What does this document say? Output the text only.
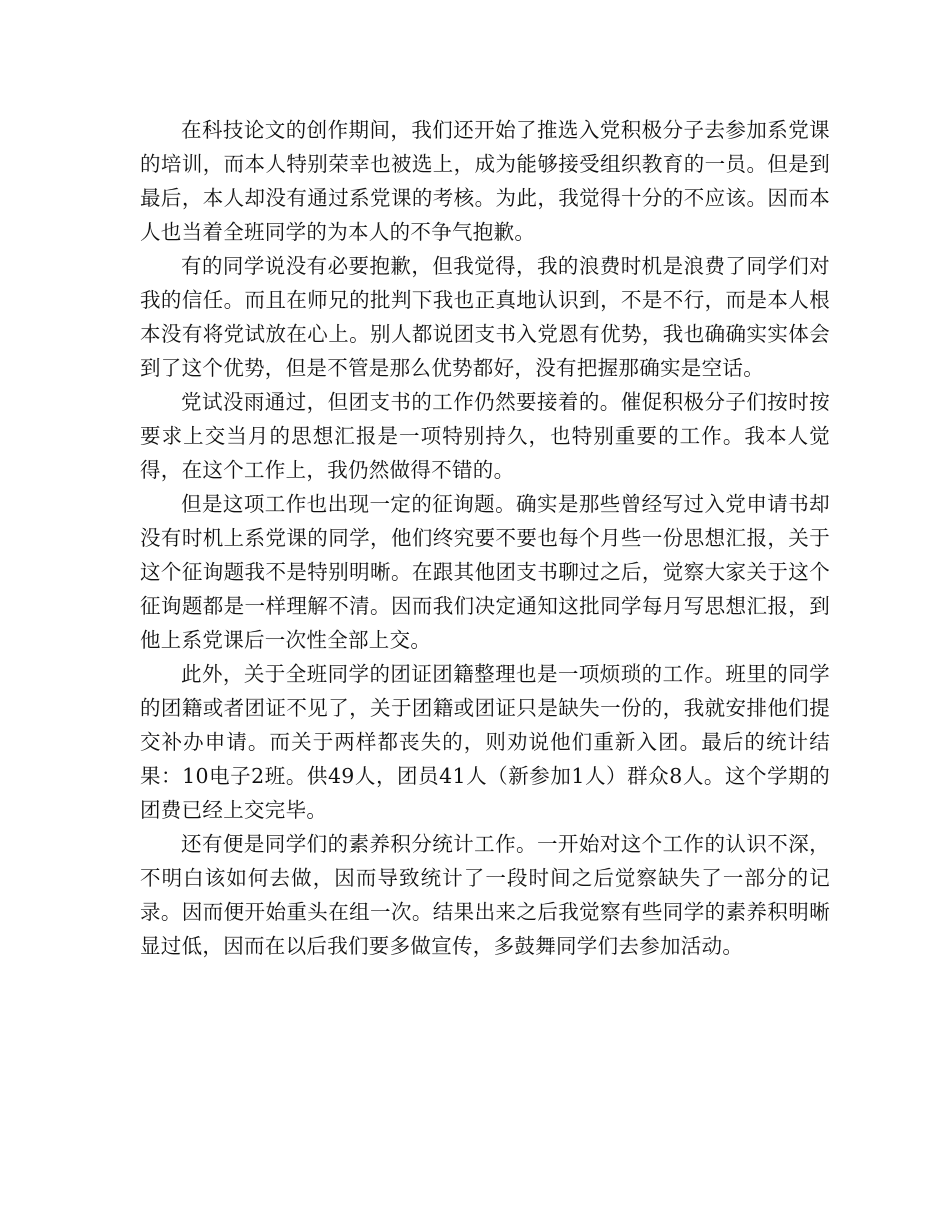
在科技论文的创作期间，我们还开始了推选入党积极分子去参加系党课的培训，而本人特别荣幸也被选上，成为能够接受组织教育的一员。但是到最后，本人却没有通过系党课的考核。为此，我觉得十分的不应该。因而本人也当着全班同学的为本人的不争气抱歉。

有的同学说没有必要抱歉，但我觉得，我的浪费时机是浪费了同学们对我的信任。而且在师兄的批判下我也正真地认识到，不是不行，而是本人根本没有将党试放在心上。别人都说团支书入党恩有优势，我也确确实实体会到了这个优势，但是不管是那么优势都好，没有把握那确实是空话。

党试没雨通过，但团支书的工作仍然要接着的。催促积极分子们按时按要求上交当月的思想汇报是一项特别持久，也特别重要的工作。我本人觉得，在这个工作上，我仍然做得不错的。

但是这项工作也出现一定的征询题。确实是那些曾经写过入党申请书却没有时机上系党课的同学，他们终究要不要也每个月些一份思想汇报，关于这个征询题我不是特别明晰。在跟其他团支书聊过之后，觉察大家关于这个征询题都是一样理解不清。因而我们决定通知这批同学每月写思想汇报，到他上系党课后一次性全部上交。

此外，关于全班同学的团证团籍整理也是一项烦琐的工作。班里的同学的团籍或者团证不见了，关于团籍或团证只是缺失一份的，我就安排他们提交补办申请。而关于两样都丧失的，则劝说他们重新入团。最后的统计结果：10电子2班。供49人，团员41人（新参加1人）群众8人。这个学期的团费已经上交完毕。

还有便是同学们的素养积分统计工作。一开始对这个工作的认识不深，不明白该如何去做，因而导致统计了一段时间之后觉察缺失了一部分的记录。因而便开始重头在组一次。结果出来之后我觉察有些同学的素养积明晰显过低，因而在以后我们要多做宣传，多鼓舞同学们去参加活动。
